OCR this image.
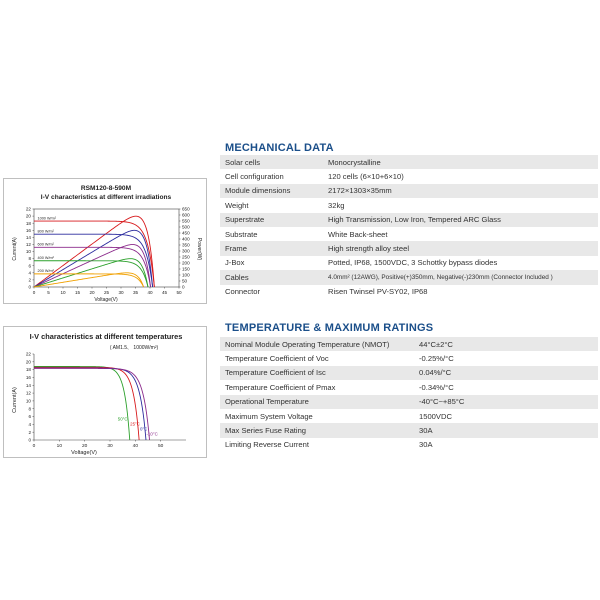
RSM120-8-590M
I-V characteristics at different irradiations
0	5 10 15 20 25 30 35 40 45 50
0
2
4
6
8
10
12
14
16
18
20
22
0
50
100
150
200
250
300
350
400
450
500
550
600
650
1000 W/m²
800 W/m²
600 W/m²
400 W/m²
200 W/m²
Voltage(V)
Current(A)	Power(W)
I-V characteristics at different temperatures
( AM1.5、 1000W/m²)
0	10	20	30	40	50
0
2
4
6
8
10
12
14
16
18
20
22
50°C
25°C
0°C
-10°C
Voltage(V)
Current(A)
MECHANICAL DATA
Solar cells	Monocrystalline
Cell configuration	120 cells (6×10+6×10)
Module dimensions	2172×1303×35mm
Weight	32kg
Superstrate	High Transmission, Low Iron, Tempered ARC Glass
Substrate	White Back-sheet
Frame	High strength alloy steel
J-Box	Potted, IP68, 1500VDC, 3 Schottky bypass diodes
Cables	4.0mm² (12AWG), Positive(+)350mm, Negative(-)230mm (Connector Included )
Connector	Risen Twinsel PV-SY02, IP68
TEMPERATURE & MAXIMUM RATINGS
Nominal Module Operating Temperature (NMOT)	44°C±2°C
Temperature Coefficient of Voc	-0.25%/°C
Temperature Coefficient of Isc	0.04%/°C
Temperature Coefficient of Pmax	-0.34%/°C
Operational Temperature	-40°C~+85°C
Maximum System Voltage	1500VDC
Max Series Fuse Rating	30A
Limiting Reverse Current	30A
